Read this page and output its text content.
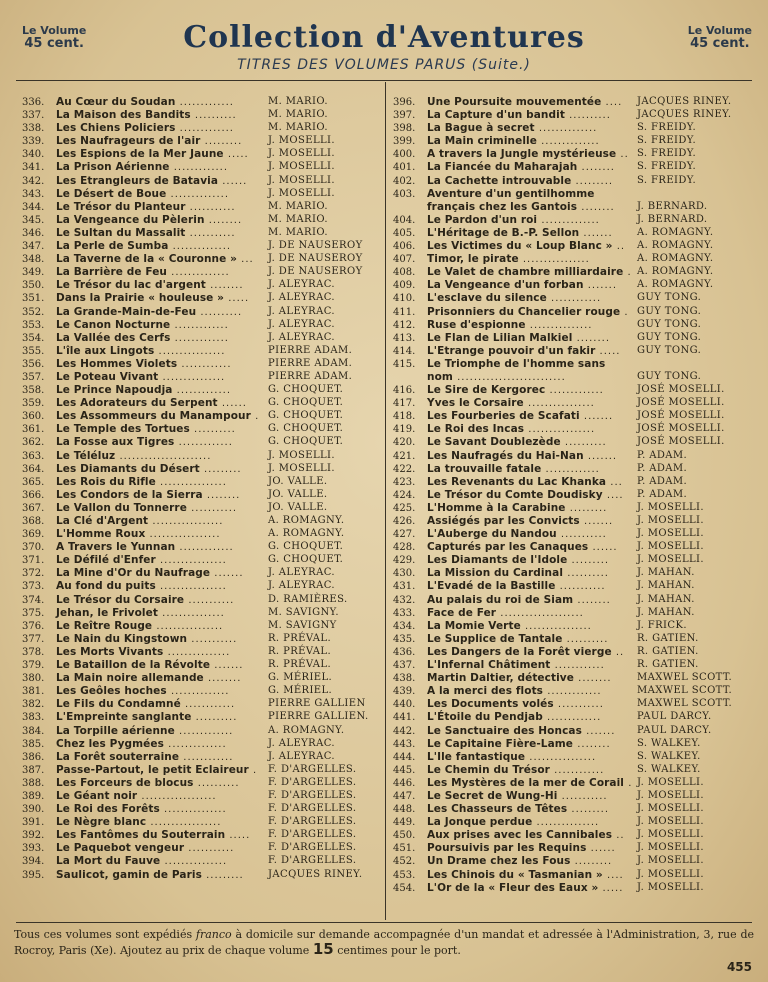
Le Volume
45 cent.
Le Volume
45 cent.
Collection d'Aventures
TITRES DES VOLUMES PARUS (Suite.)
336. Au Cœur du Soudan .............	M. MARIO.
337. La Maison des Bandits ..........	M. MARIO.
338. Les Chiens Policiers .............	M. MARIO.
339. Les Naufrageurs de l'air .........	J. MOSELLI.
340. Les Espions de la Mer Jaune ..... J. MOSELLI.
341. La Prison Aérienne .............	J. MOSELLI.
342. Les Etrangleurs de Batavia ...... J. MOSELLI.
343. Le Désert de Boue ..............	J. MOSELLI.
344. Le Trésor du Planteur ...........	M. MARIO.
345. La Vengeance du Pèlerin ........	M. MARIO.
346. Le Sultan du Massalit ...........	M. MARIO.
347. La Perle de Sumba ..............	J. DE NAUSEROY
348. La Taverne de la « Couronne » ... J. DE NAUSEROY
349. La Barrière de Feu ..............	J. DE NAUSEROY
350. Le Trésor du lac d'argent ........ J. ALEYRAC.
351. Dans la Prairie « houleuse » ..... J. ALEYRAC.
352. La Grande-Main-de-Feu ..........	J. ALEYRAC.
353. Le Canon Nocturne .............	J. ALEYRAC.
354. La Vallée des Cerfs .............	J. ALEYRAC.
355. L'île aux Lingots ................	PIERRE ADAM.
356. Les Hommes Violets ............	PIERRE ADAM.
357. Le Poteau Vivant ...............	PIERRE ADAM.
358. Le Prince Napoudja .............	G. CHOQUET.
359. Les Adorateurs du Serpent ...... G. CHOQUET.
360. Les Assommeurs du Manampour . G. CHOQUET.
361. Le Temple des Tortues ..........	G. CHOQUET.
362. La Fosse aux Tigres .............	G. CHOQUET.
363. Le Téléluz ......................	J. MOSELLI.
364. Les Diamants du Désert .........	J. MOSELLI.
365. Les Rois du Rifle ................	JO. VALLE.
366. Les Condors de la Sierra ........	JO. VALLE.
367. Le Vallon du Tonnerre ...........	JO. VALLE.
368. La Clé d'Argent .................	A. ROMAGNY.
369. L'Homme Roux .................	A. ROMAGNY.
370. A Travers le Yunnan .............	G. CHOQUET.
371. Le Défilé d'Enfer ................	G. CHOQUET.
372. La Mine d'Or du Naufrage ....... J. ALEYRAC.
373. Au fond du puits ................	J. ALEYRAC.
374. Le Trésor du Corsaire ...........	D. RAMIÈRES.
375. Jehan, le Frivolet ...............	M. SAVIGNY.
376. Le Reître Rouge ................	M. SAVIGNY
377. Le Nain du Kingstown ...........	R. PRÉVAL.
378. Les Morts Vivants ...............	R. PRÉVAL.
379. Le Bataillon de la Révolte ....... R. PRÉVAL.
380. La Main noire allemande ........	G. MÉRIEL.
381. Les Geôles hoches ..............	G. MÉRIEL.
382. Le Fils du Condamné ............	PIERRE GALLIEN
383. L'Empreinte sanglante ..........	PIERRE GALLIEN.
384. La Torpille aérienne .............	A. ROMAGNY.
385. Chez les Pygmées ..............	J. ALEYRAC.
386. La Forêt souterraine ............	J. ALEYRAC.
387. Passe-Partout, le petit Eclaireur . F. D'ARGELLES.
388. Les Forceurs de blocus ..........	F. D'ARGELLES.
389. Le Géant noir ..................	F. D'ARGELLES.
390. Le Roi des Forêts ...............	F. D'ARGELLES.
391. Le Nègre blanc .................	F. D'ARGELLES.
392. Les Fantômes du Souterrain ..... F. D'ARGELLES.
393. Le Paquebot vengeur ...........	F. D'ARGELLES.
394. La Mort du Fauve ...............	F. D'ARGELLES.
395. Saulicot, gamin de Paris ......... JACQUES RINEY.
396. Une Poursuite mouvementée .... JACQUES RINEY.
397. La Capture d'un bandit ..........	JACQUES RINEY.
398. La Bague à secret ..............	S. FREIDY.
399. La Main criminelle ..............	S. FREIDY.
400. A travers la Jungle mystérieuse .. S. FREIDY.
401. La Fiancée du Maharajah ........ S. FREIDY.
402. La Cachette introuvable ......... S. FREIDY.
403. Aventure d'un gentilhomme
français chez les Gantois ........ J. BERNARD.
404. Le Pardon d'un roi ..............	J. BERNARD.
405. L'Héritage de B.-P. Sellon ....... A. ROMAGNY.
406. Les Victimes du « Loup Blanc » .. A. ROMAGNY.
407. Timor, le pirate ................	A. ROMAGNY.
408. Le Valet de chambre milliardaire . A. ROMAGNY.
409. La Vengeance d'un forban ....... A. ROMAGNY.
410. L'esclave du silence ............	GUY TONG.
411. Prisonniers du Chancelier rouge . GUY TONG.
412. Ruse d'espionne ...............	GUY TONG.
413. Le Flan de Lilian Malkiel ........	GUY TONG.
414. L'Etrange pouvoir d'un fakir ..... GUY TONG.
415. Le Triomphe de l'homme sans
nom ..........................	GUY TONG.
416. Le Sire de Kergorec .............	JOSÉ MOSELLI.
417. Yves le Corsaire ................	JOSÉ MOSELLI.
418. Les Fourberies de Scafati ....... JOSÉ MOSELLI.
419. Le Roi des Incas ................	JOSÉ MOSELLI.
420. Le Savant Doublezède ..........	JOSÉ MOSELLI.
421. Les Naufragés du Hai-Nan ....... P. ADAM.
422. La trouvaille fatale .............	P. ADAM.
423. Les Revenants du Lac Khanka ... P. ADAM.
424. Le Trésor du Comte Doudisky .... P. ADAM.
425. L'Homme à la Carabine .........	J. MOSELLI.
426. Assiégés par les Convicts ....... J. MOSELLI.
427. L'Auberge du Nandou ...........	J. MOSELLI.
428. Capturés par les Canaques ...... J. MOSELLI.
429. Les Diamants de l'Idole .........	J. MOSELLI.
430. La Mission du Cardinal ..........	J. MAHAN.
431. L'Evadé de la Bastille ...........	J. MAHAN.
432. Au palais du roi de Siam ........	J. MAHAN.
433. Face de Fer ....................	J. MAHAN.
434. La Momie Verte ................	J. FRICK.
435. Le Supplice de Tantale ..........	R. GATIEN.
436. Les Dangers de la Forêt vierge .. R. GATIEN.
437. L'Infernal Châtiment ............	R. GATIEN.
438. Martin Daltier, détective ........	MAXWEL SCOTT.
439. A la merci des flots .............	MAXWEL SCOTT.
440. Les Documents volés ...........	MAXWEL SCOTT.
441. L'Étoile du Pendjab .............	PAUL DARCY.
442. Le Sanctuaire des Honcas ....... PAUL DARCY.
443. Le Capitaine Fière-Lame ........	S. WALKEY.
444. L'Ile fantastique ................	S. WALKEY.
445. Le Chemin du Trésor ............	S. WALKEY.
446. Les Mystères de la mer de Corail . J. MOSELLI.
447. Le Secret de Wung-Hi ...........	J. MOSELLI.
448. Les Chasseurs de Têtes .........	J. MOSELLI.
449. La Jonque perdue ...............	J. MOSELLI.
450. Aux prises avec les Cannibales .. J. MOSELLI.
451. Poursuivis par les Requins ...... J. MOSELLI.
452. Un Drame chez les Fous ......... J. MOSELLI.
453. Les Chinois du « Tasmanian » .... J. MOSELLI.
454. L'Or de la « Fleur des Eaux » ..... J. MOSELLI.
Tous ces volumes sont expédiés franco à domicile sur demande accompagnée d'un mandat et adressée à l'Administration, 3, rue de Rocroy, Paris (Xe). Ajoutez au prix de chaque volume 15 centimes pour le port.
455
